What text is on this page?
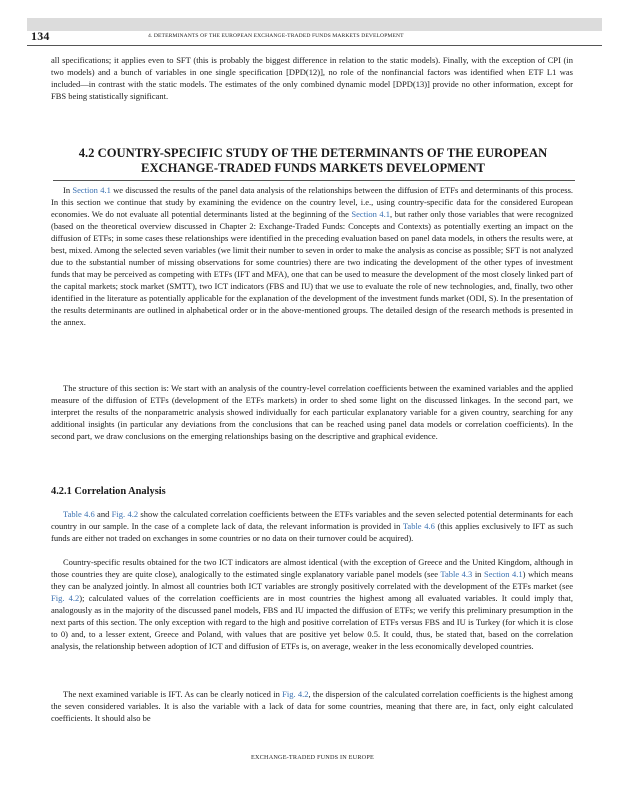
134	4. DETERMINANTS OF THE EUROPEAN EXCHANGE-TRADED FUNDS MARKETS DEVELOPMENT

all specifications; it applies even to SFT (this is probably the biggest difference in relation to the static models). Finally, with the exception of CPI (in two models) and a bunch of variables in one single specification [DPD(12)], no role of the nonfinancial factors was identified when ETF L1 was included—in contrast with the static models. The estimates of the only combined dynamic model [DPD(13)] provide no other information, except for FBS being statistically significant.

4.2 COUNTRY-SPECIFIC STUDY OF THE DETERMINANTS OF THE EUROPEAN EXCHANGE-TRADED FUNDS MARKETS DEVELOPMENT

In Section 4.1 we discussed the results of the panel data analysis of the relationships between the diffusion of ETFs and determinants of this process. In this section we continue that study by examining the evidence on the country level, i.e., using country-specific data for the considered European economies. We do not evaluate all potential determinants listed at the beginning of the Section 4.1, but rather only those variables that were recognized (based on the theoretical overview discussed in Chapter 2: Exchange-Traded Funds: Concepts and Contexts) as potentially exerting an impact on the diffusion of ETFs; in some cases these relationships were identified in the preceding evaluation based on panel data models, in others the results were, at best, mixed. Among the selected seven variables (we limit their number to seven in order to make the analysis as concise as possible; SFT is not analyzed due to the substantial number of missing observations for some countries) there are two indicating the development of the other types of investment funds that may be perceived as competing with ETFs (IFT and MFA), one that can be used to measure the development of the most closely linked part of the capital markets; stock market (SMTT), two ICT indicators (FBS and IU) that we use to evaluate the role of new technologies, and, finally, two other identified in the literature as potentially applicable for the explanation of the development of the investment funds market (ODI, S). In the presentation of the results determinants are outlined in alphabetical order or in the above-mentioned groups. The detailed design of the research methods is presented in the annex.

The structure of this section is: We start with an analysis of the country-level correlation coefficients between the examined variables and the applied measure of the diffusion of ETFs (development of the ETFs markets) in order to shed some light on the discussed linkages. In the second part, we interpret the results of the nonparametric analysis showed individually for each particular explanatory variable for a given country, searching for any additional insights (in particular any deviations from the conclusions that can be reached using panel data models or correlation coefficients). In the second part, we draw conclusions on the emerging relationships basing on the descriptive and graphical evidence.

4.2.1 Correlation Analysis

Table 4.6 and Fig. 4.2 show the calculated correlation coefficients between the ETFs variables and the seven selected potential determinants for each country in our sample. In the case of a complete lack of data, the relevant information is provided in Table 4.6 (this applies exclusively to IFT as such funds are either not traded on exchanges in some countries or no data on their turnover could be acquired).

Country-specific results obtained for the two ICT indicators are almost identical (with the exception of Greece and the United Kingdom, although in those countries they are quite close), analogically to the estimated single explanatory variable panel models (see Table 4.3 in Section 4.1) which means they can be analyzed jointly. In almost all countries both ICT variables are strongly positively correlated with the development of the ETFs market (see Fig. 4.2); calculated values of the correlation coefficients are in most countries the highest among all evaluated variables. It could imply that, analogously as in the majority of the discussed panel models, FBS and IU impacted the diffusion of ETFs; we verify this preliminary presumption in the next parts of this section. The only exception with regard to the high and positive correlation of ETFs versus FBS and IU is Turkey (for which it is close to 0) and, to a lesser extent, Greece and Poland, with values that are positive yet below 0.5. It could, thus, be stated that, based on the correlation analysis, the relationship between adoption of ICT and diffusion of ETFs is, on average, weaker in the less economically developed countries.

The next examined variable is IFT. As can be clearly noticed in Fig. 4.2, the dispersion of the calculated correlation coefficients is the highest among the seven considered variables. It is also the variable with a lack of data for some countries, meaning that there are, in fact, only eight calculated coefficients. It should also be

EXCHANGE-TRADED FUNDS IN EUROPE
